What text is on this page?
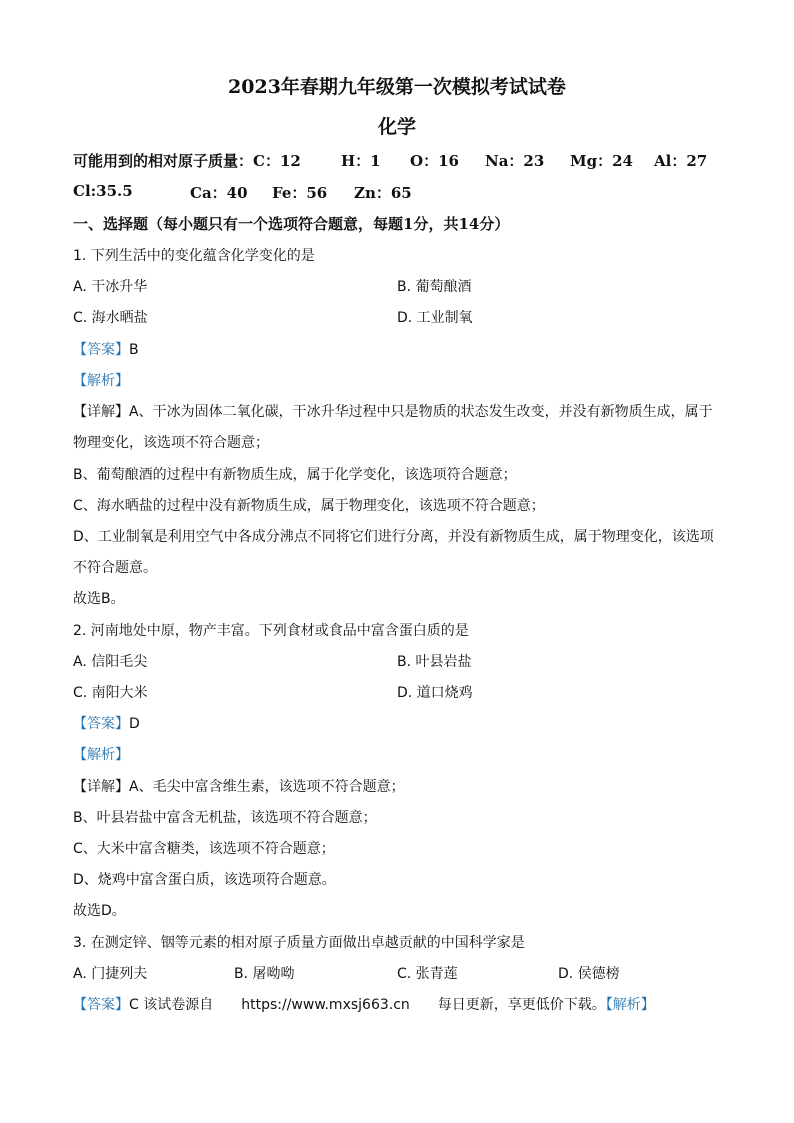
2023年春期九年级第一次模拟考试试卷
化学
可能用到的相对原子质量：C：12	H：1 O：16 Na：23 Mg：24 Al：27
Cl:35.5	Ca：40 Fe：56 Zn：65
一、选择题（每小题只有一个选项符合题意，每题1分，共14分）
1. 下列生活中的变化蕴含化学变化的是
A. 干冰升华	B. 葡萄酿酒
C. 海水晒盐	D. 工业制氧
【答案】B
【解析】
【详解】A、干冰为固体二氧化碳，干冰升华过程中只是物质的状态发生改变，并没有新物质生成，属于
物理变化，该选项不符合题意；
B、葡萄酿酒的过程中有新物质生成，属于化学变化，该选项符合题意；
C、海水晒盐的过程中没有新物质生成，属于物理变化，该选项不符合题意；
D、工业制氧是利用空气中各成分沸点不同将它们进行分离，并没有新物质生成，属于物理变化，该选项
不符合题意。
故选B。
2. 河南地处中原，物产丰富。下列食材或食品中富含蛋白质的是
A. 信阳毛尖	B. 叶县岩盐
C. 南阳大米	D. 道口烧鸡
【答案】D
【解析】
【详解】A、毛尖中富含维生素，该选项不符合题意；
B、叶县岩盐中富含无机盐，该选项不符合题意；
C、大米中富含糖类，该选项不符合题意；
D、烧鸡中富含蛋白质，该选项符合题意。
故选D。
3. 在测定锌、铟等元素的相对原子质量方面做出卓越贡献的中国科学家是
A. 门捷列夫	B. 屠呦呦	C. 张青莲	D. 侯德榜
【答案】C 该试卷源自　　https://www.mxsj663.cn　　每日更新，享更低价下载。【解析】
